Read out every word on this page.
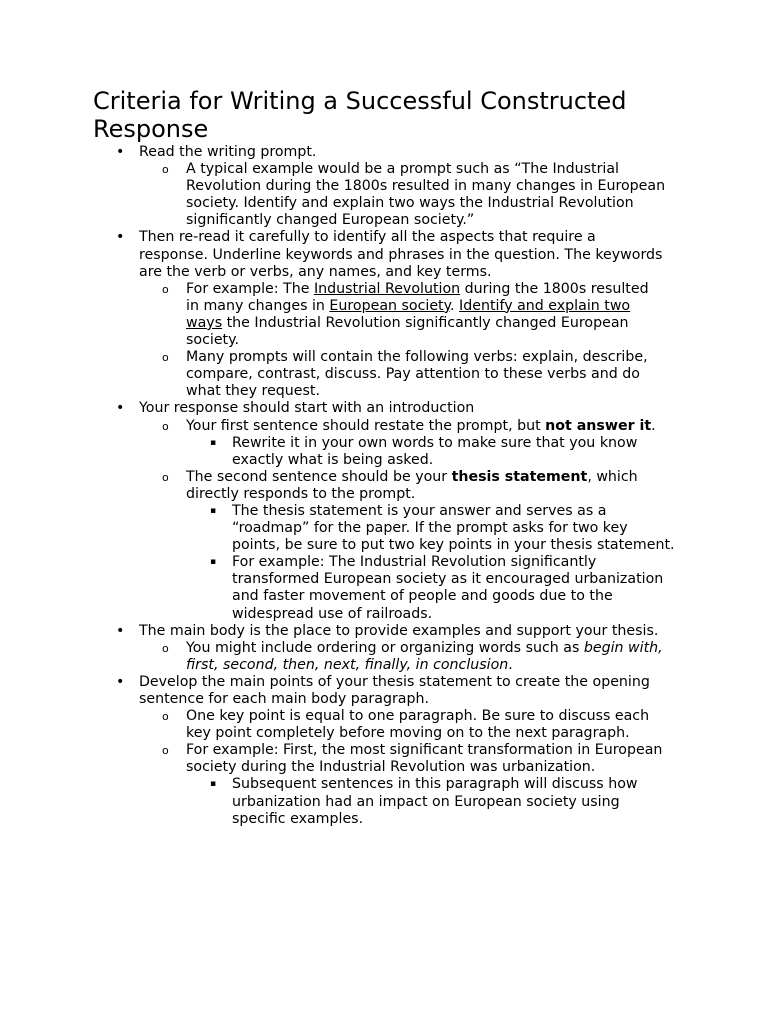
Criteria for Writing a Successful Constructed Response
• Read the writing prompt.
o A typical example would be a prompt such as “The Industrial Revolution during the 1800s resulted in many changes in European society. Identify and explain two ways the Industrial Revolution significantly changed European society.”
• Then re-read it carefully to identify all the aspects that require a response. Underline keywords and phrases in the question. The keywords are the verb or verbs, any names, and key terms.
o For example: The Industrial Revolution during the 1800s resulted in many changes in European society. Identify and explain two ways the Industrial Revolution significantly changed European society.
o Many prompts will contain the following verbs: explain, describe, compare, contrast, discuss. Pay attention to these verbs and do what they request.
• Your response should start with an introduction
o Your first sentence should restate the prompt, but not answer it.
▪ Rewrite it in your own words to make sure that you know exactly what is being asked.
o The second sentence should be your thesis statement, which directly responds to the prompt.
▪ The thesis statement is your answer and serves as a “roadmap” for the paper. If the prompt asks for two key points, be sure to put two key points in your thesis statement.
▪ For example: The Industrial Revolution significantly transformed European society as it encouraged urbanization and faster movement of people and goods due to the widespread use of railroads.
• The main body is the place to provide examples and support your thesis.
o You might include ordering or organizing words such as begin with, first, second, then, next, finally, in conclusion.
• Develop the main points of your thesis statement to create the opening sentence for each main body paragraph.
o One key point is equal to one paragraph. Be sure to discuss each key point completely before moving on to the next paragraph.
o For example: First, the most significant transformation in European society during the Industrial Revolution was urbanization.
▪ Subsequent sentences in this paragraph will discuss how urbanization had an impact on European society using specific examples.
